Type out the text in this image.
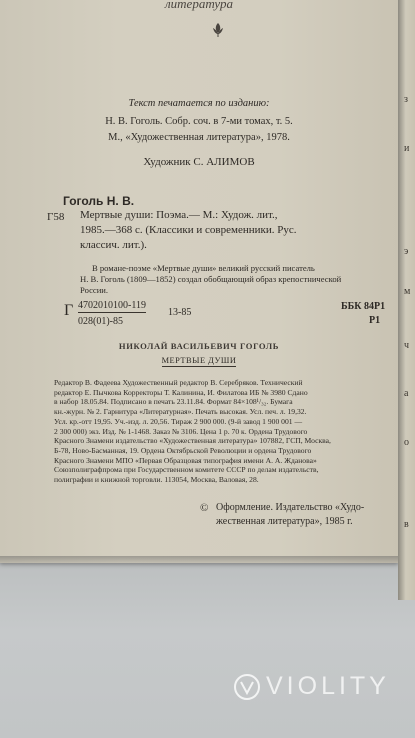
литература
Текст печатается по изданию:
Н. В. Гоголь. Собр. соч. в 7-ми томах, т. 5.
М., «Художественная литература», 1978.
Художник С. АЛИМОВ
Гоголь Н. В.
Г58 Мертвые души: Поэма.— М.: Худож. лит.,
1985.—368 с. (Классики и современники. Рус.
классич. лит.).
В романе-поэме «Мертвые души» великий русский писатель
Н. В. Гоголь (1809—1852) создал обобщающий образ крепостнической
России.
Г 4702010100-119
028(01)-85
13-85
ББК 84Р1
Р1
НИКОЛАЙ ВАСИЛЬЕВИЧ ГОГОЛЬ
МЕРТВЫЕ ДУШИ
Редактор В. Фадеева Художественный редактор В. Серебряков. Технический
редактор Е. Пычкова Корректоры Т. Калинина, И. Филатова ИБ № 3980 Сдано
в набор 18.05.84. Подписано в печать 23.11.84. Формат 84×108¹/₃₂. Бумага
кн.-журн. № 2. Гарнитура «Литературная». Печать высокая. Усл. печ. л. 19,32.
Усл. кр.-отт 19,95. Уч.-изд. л. 20,56. Тираж 2 900 000. (9-й завод 1 900 001 —
2 300 000) экз. Изд. № 1-1468. Заказ № 3106. Цена 1 р. 70 к. Ордена Трудового
Красного Знамени издательство «Художественная литература» 107882, ГСП, Москва,
Б-78, Ново-Басманная, 19. Ордена Октябрьской Революции и ордена Трудового
Красного Знамени МПО «Первая Образцовая типография имени А. А. Жданова»
Союзполиграфпрома при Государственном комитете СССР по делам издательств,
полиграфии и книжной торговли. 113054, Москва, Валовая, 28.
© Оформление. Издательство «Худо-
жественная литература», 1985 г.
з
и
э
м
ч
а
о
в
VIOLITY
